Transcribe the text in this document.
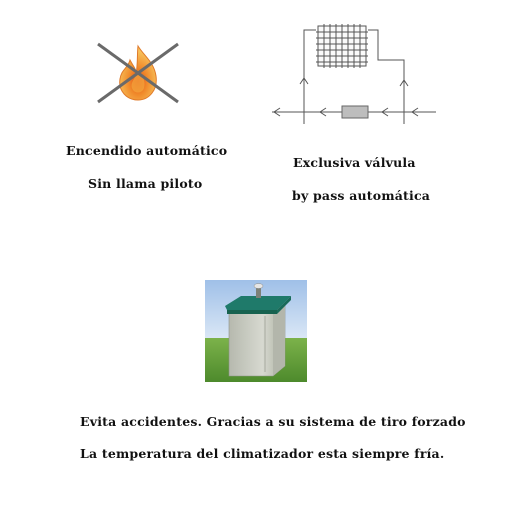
Encendido automático
Sin llama piloto
Exclusiva válvula
by pass automática
Evita accidentes. Gracias a su sistema de tiro forzado
La temperatura del climatizador esta siempre fría.
